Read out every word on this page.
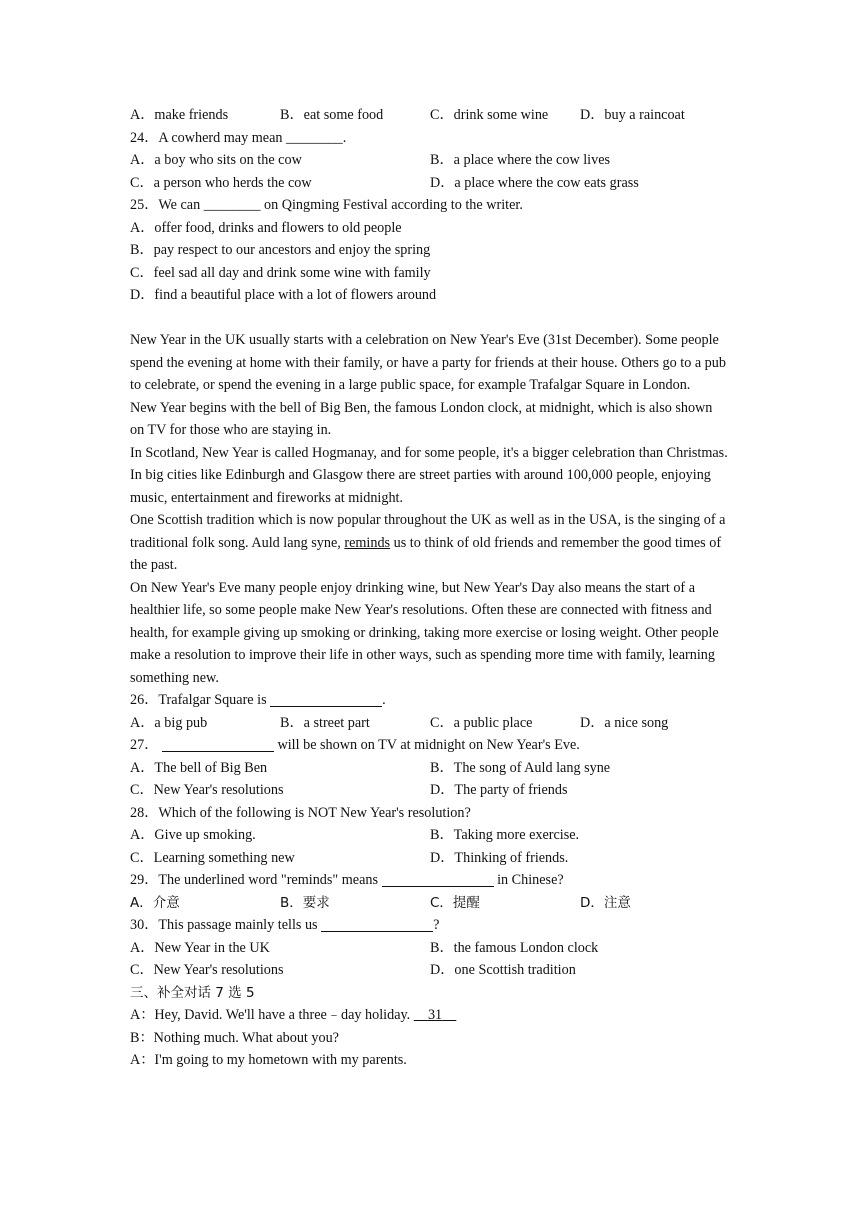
A．make friends	B．eat some food	C．drink some wine	D．buy a raincoat
24．A cowherd may mean ________.
A．a boy who sits on the cow	B．a place where the cow lives
C．a person who herds the cow	D．a place where the cow eats grass
25．We can ________ on Qingming Festival according to the writer.
A．offer food, drinks and flowers to old people
B．pay respect to our ancestors and enjoy the spring
C．feel sad all day and drink some wine with family
D．find a beautiful place with a lot of flowers around
New Year in the UK usually starts with a celebration on New Year's Eve (31st December). Some people spend the evening at home with their family, or have a party for friends at their house. Others go to a pub to celebrate, or spend the evening in a large public space, for example Trafalgar Square in London.
New Year begins with the bell of Big Ben, the famous London clock, at midnight, which is also shown on TV for those who are staying in.
In Scotland, New Year is called Hogmanay, and for some people, it's a bigger celebration than Christmas. In big cities like Edinburgh and Glasgow there are street parties with around 100,000 people, enjoying music, entertainment and fireworks at midnight.
One Scottish tradition which is now popular throughout the UK as well as in the USA, is the singing of a traditional folk song. Auld lang syne, reminds us to think of old friends and remember the good times of the past.
On New Year's Eve many people enjoy drinking wine, but New Year's Day also means the start of a healthier life, so some people make New Year's resolutions. Often these are connected with fitness and health, for example giving up smoking or drinking, taking more exercise or losing weight. Other people make a resolution to improve their life in other ways, such as spending more time with family, learning something new.
26．Trafalgar Square is	.
A．a big pub	B．a street part	C．a public place	D．a nice song
27．	will be shown on TV at midnight on New Year's Eve.
A．The bell of Big Ben	B．The song of Auld lang syne
C．New Year's resolutions	D．The party of friends
28．Which of the following is NOT New Year's resolution?
A．Give up smoking.	B．Taking more exercise.
C．Learning something new	D．Thinking of friends.
29．The underlined word "reminds" means	in Chinese?
A．介意	B．要求	C．提醒	D．注意
30．This passage mainly tells us	?
A．New Year in the UK	B．the famous London clock
C．New Year's resolutions	D．one Scottish tradition
三、补全对话 7 选 5
A：Hey, David. We'll have a three﹣day holiday.     31
B：Nothing much. What about you?
A：I'm going to my hometown with my parents.
